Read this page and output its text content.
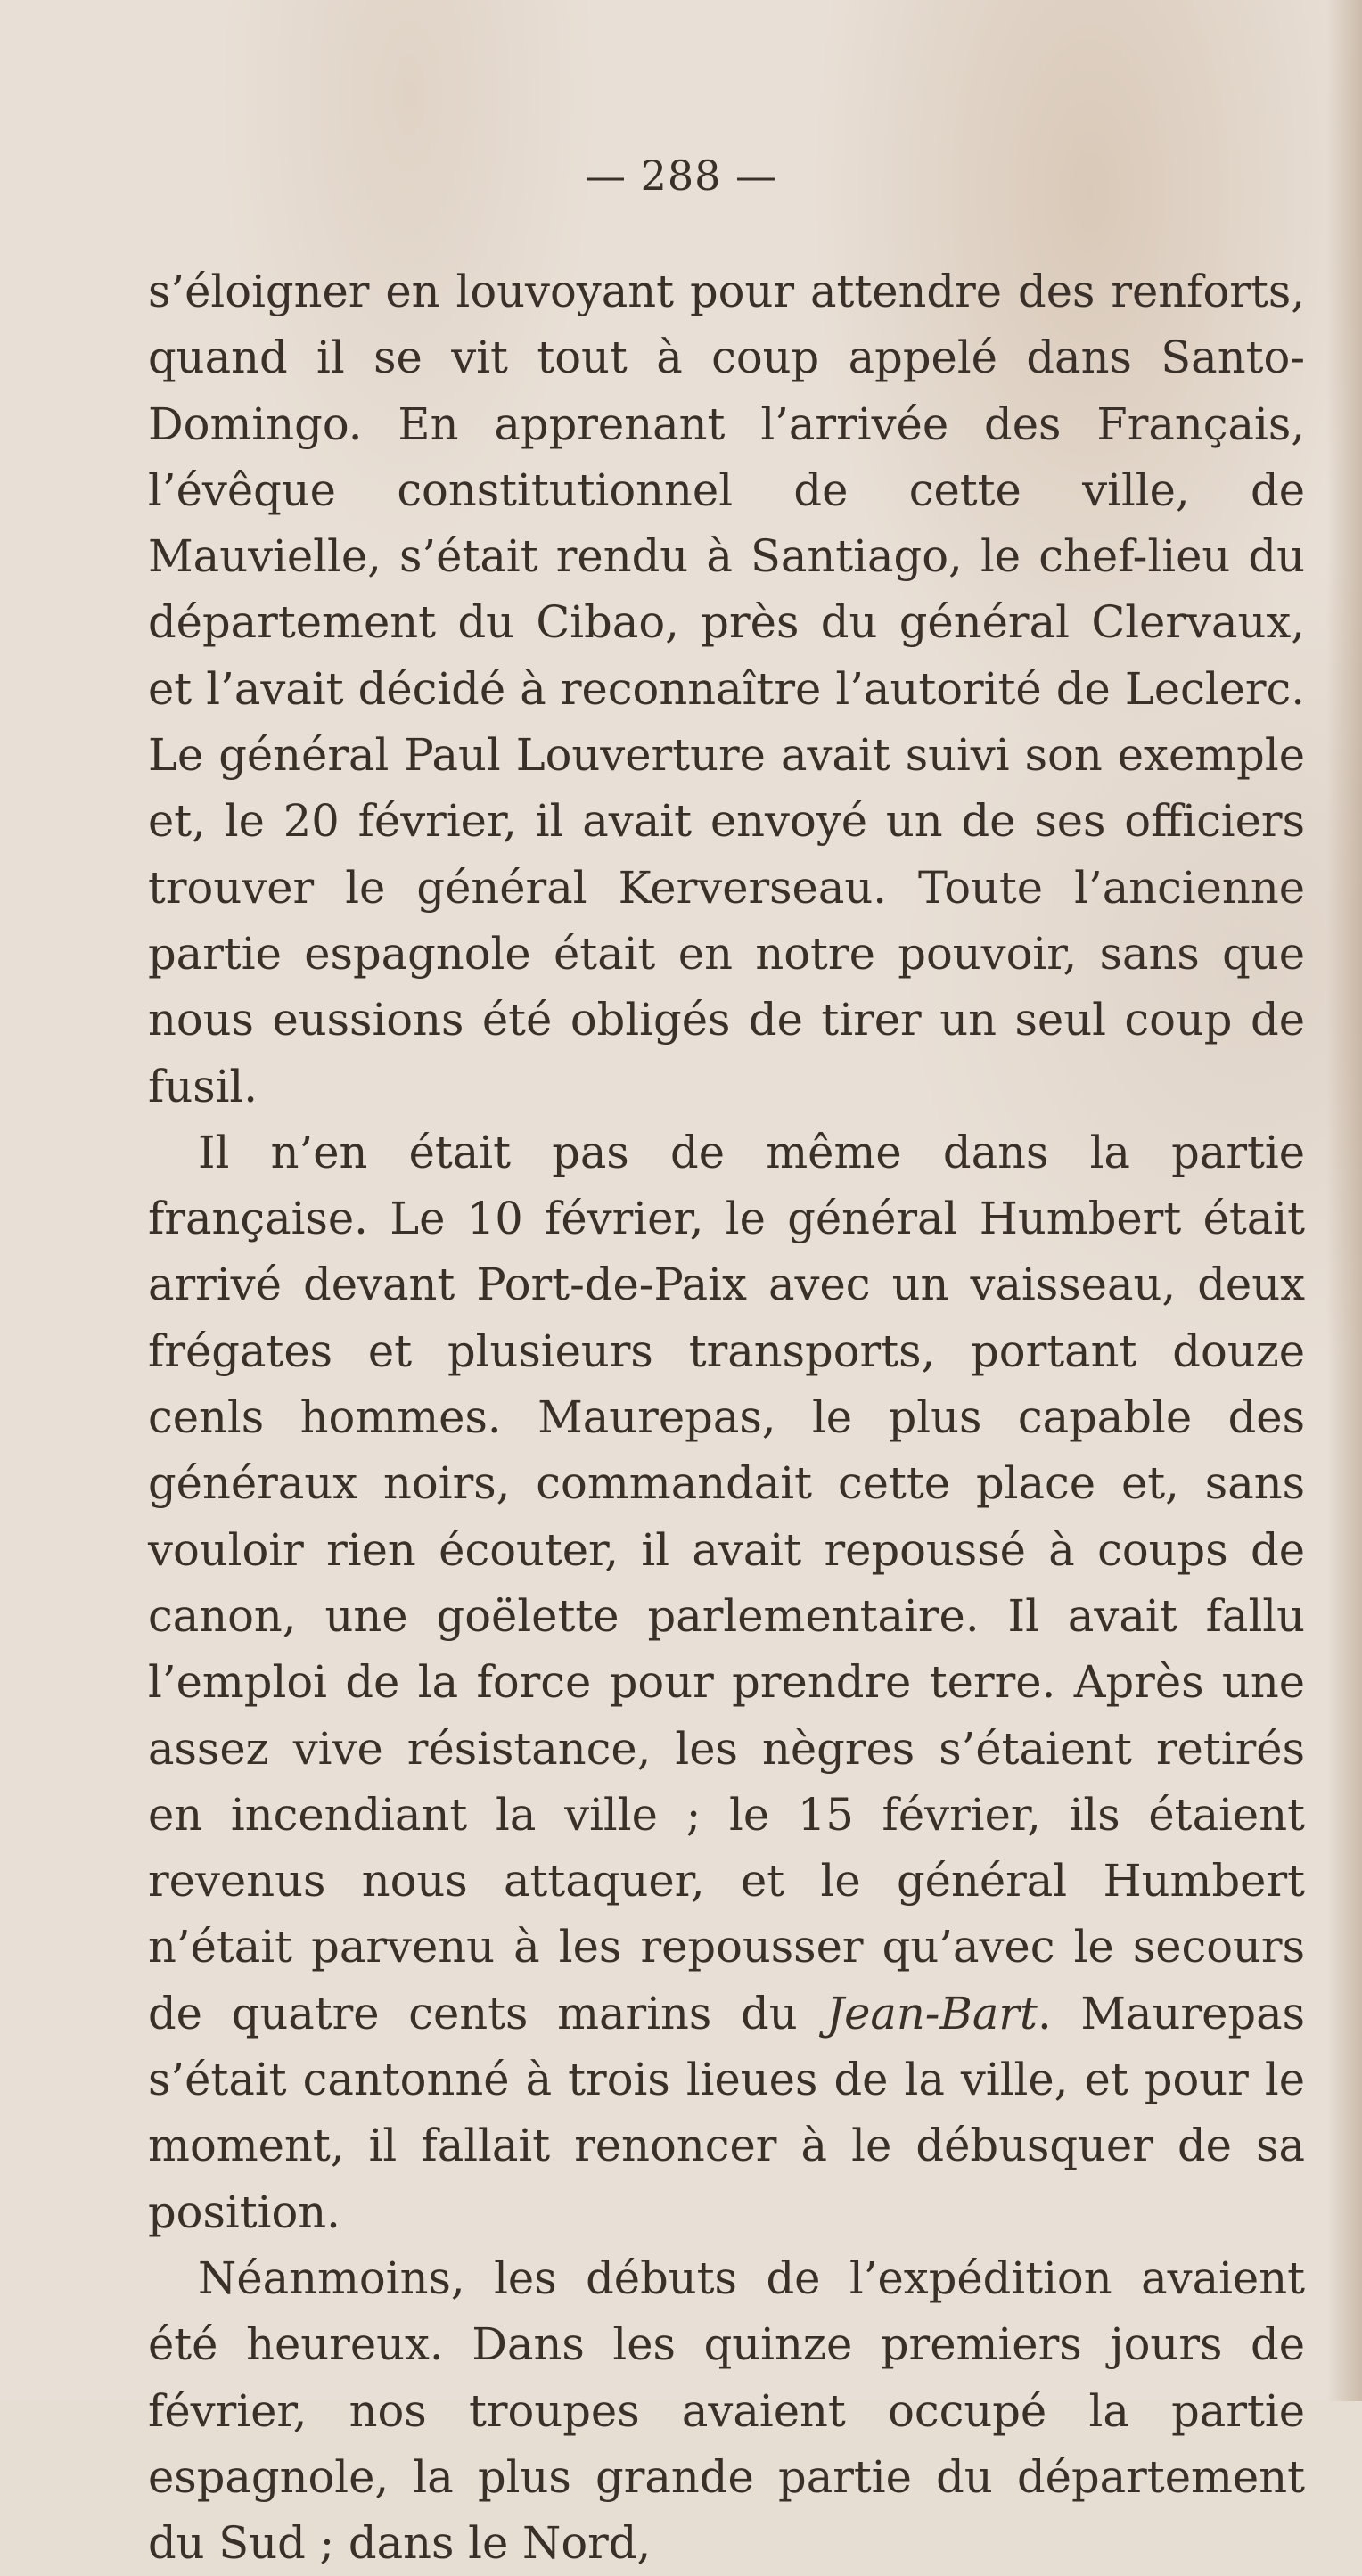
— 288 —

s’éloigner en louvoyant pour attendre des renforts, quand il se vit tout à coup appelé dans Santo-Domingo. En apprenant l’arrivée des Français, l’évêque constitutionnel de cette ville, de Mauvielle, s’était rendu à Santiago, le chef-lieu du département du Cibao, près du général Clervaux, et l’avait décidé à reconnaître l’autorité de Leclerc. Le général Paul Louverture avait suivi son exemple et, le 20 février, il avait envoyé un de ses officiers trouver le général Kerverseau. Toute l’ancienne partie espagnole était en notre pouvoir, sans que nous eussions été obligés de tirer un seul coup de fusil.

Il n’en était pas de même dans la partie française. Le 10 février, le général Humbert était arrivé devant Port-de-Paix avec un vaisseau, deux frégates et plusieurs transports, portant douze cenls hommes. Maurepas, le plus capable des généraux noirs, commandait cette place et, sans vouloir rien écouter, il avait repoussé à coups de canon, une goëlette parlementaire. Il avait fallu l’emploi de la force pour prendre terre. Après une assez vive résistance, les nègres s’étaient retirés en incendiant la ville ; le 15 février, ils étaient revenus nous attaquer, et le général Humbert n’était parvenu à les repousser qu’avec le secours de quatre cents marins du Jean-Bart. Maurepas s’était cantonné à trois lieues de la ville, et pour le moment, il fallait renoncer à le débusquer de sa position.

Néanmoins, les débuts de l’expédition avaient été heureux. Dans les quinze premiers jours de février, nos troupes avaient occupé la partie espagnole, la plus grande partie du département du Sud ; dans le Nord,
